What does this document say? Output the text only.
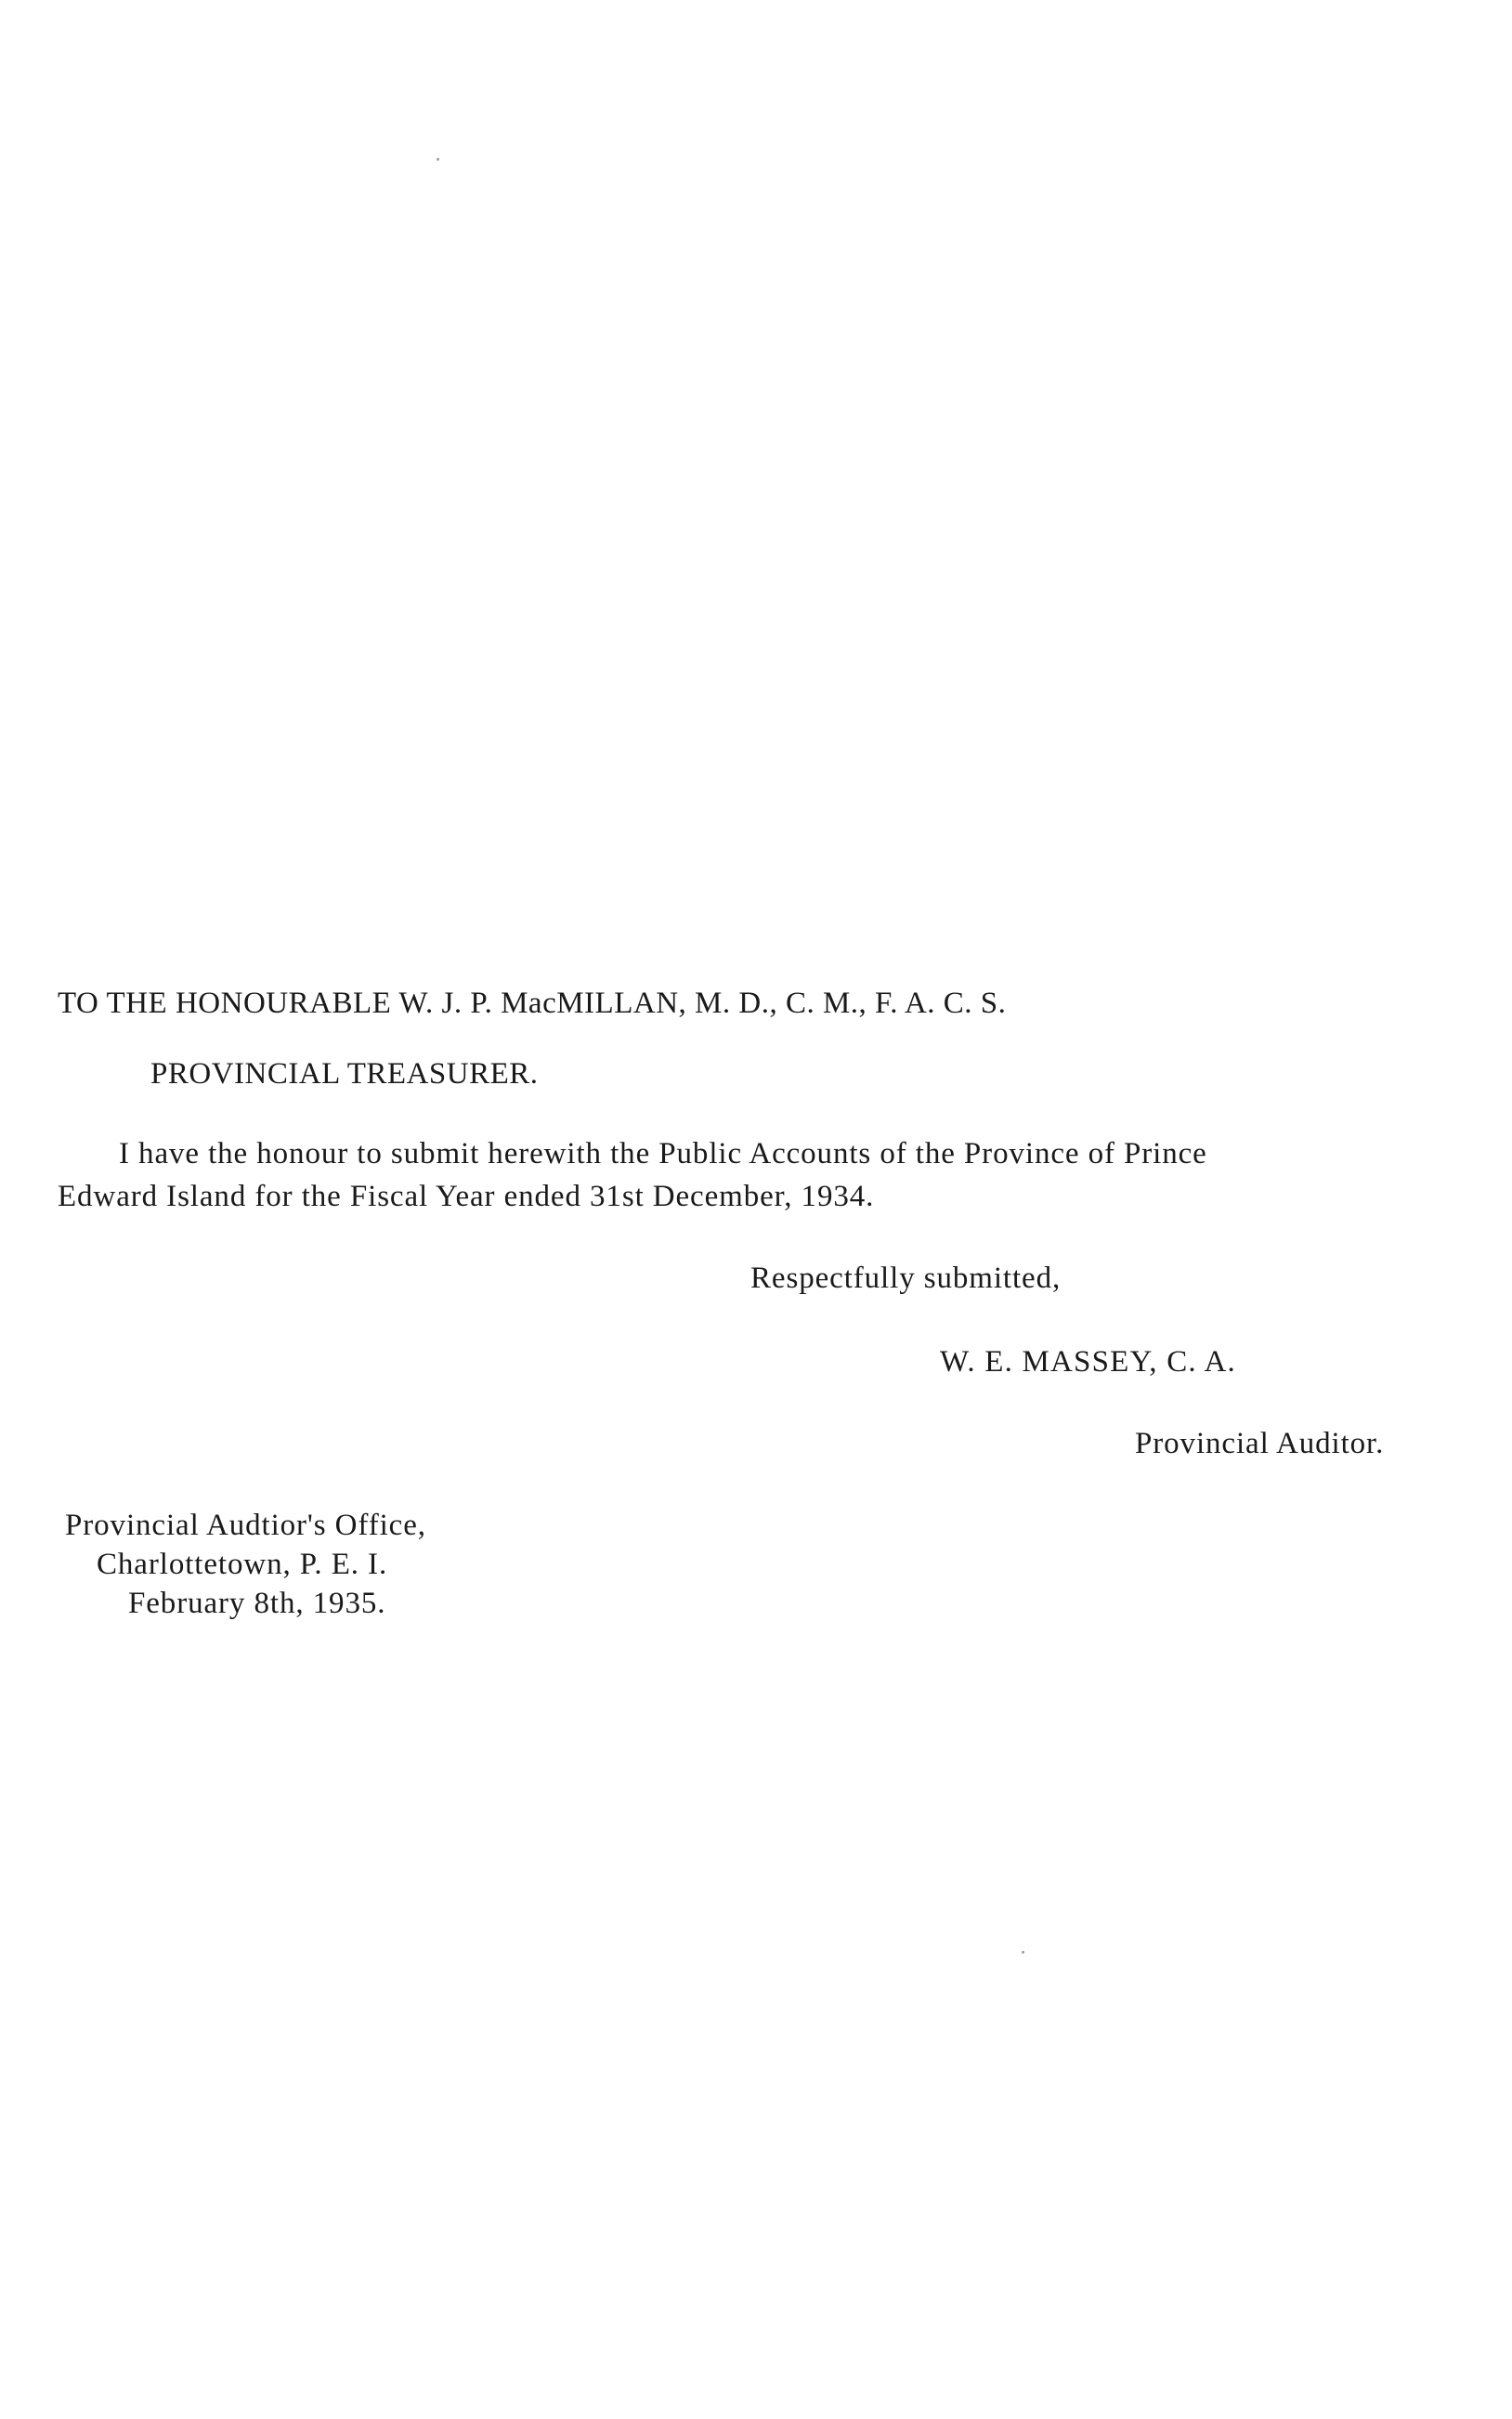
TO THE HONOURABLE W. J. P. MacMILLAN, M. D., C. M., F. A. C. S.
PROVINCIAL TREASURER.
I have the honour to submit herewith the Public Accounts of the Province of Prince
Edward Island for the Fiscal Year ended 31st December, 1934.
Respectfully submitted,
W. E. MASSEY, C. A.
Provincial Auditor.
Provincial Audtior's Office,
Charlottetown, P. E. I.
February 8th, 1935.
